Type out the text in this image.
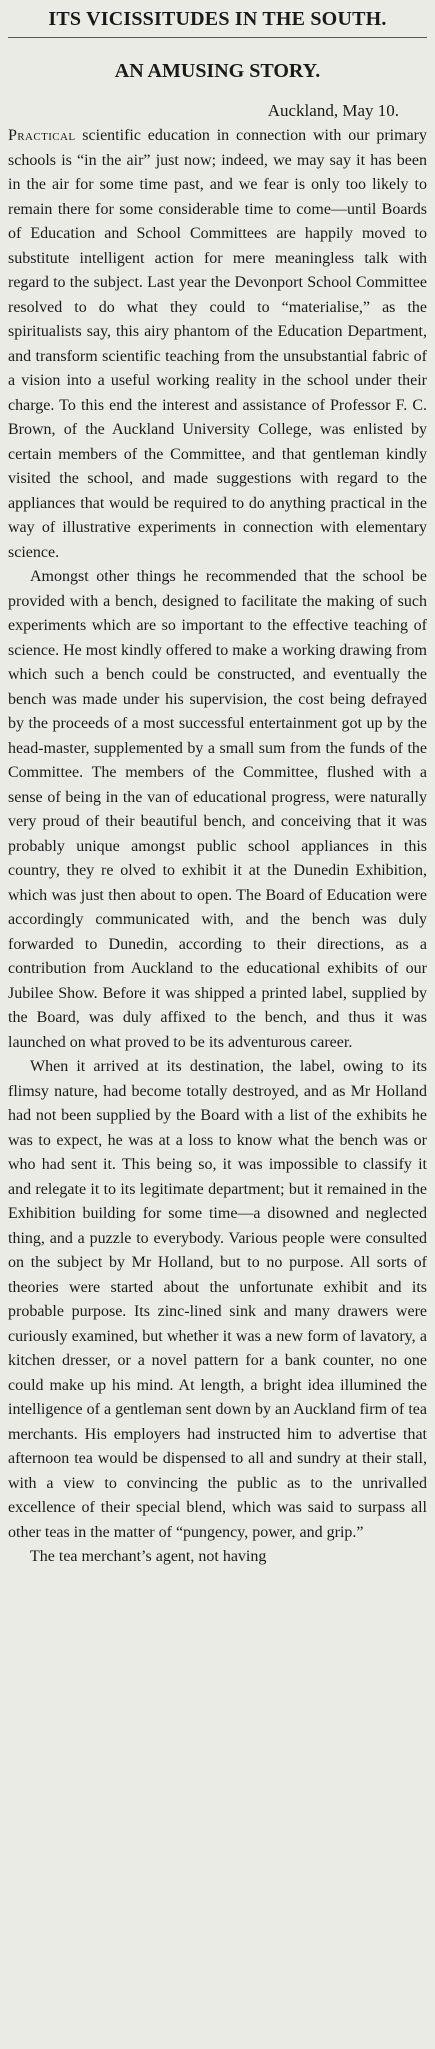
ITS VICISSITUDES IN THE SOUTH.
AN AMUSING STORY.
Auckland, May 10.

Practical scientific education in connection with our primary schools is “in the air” just now; indeed, we may say it has been in the air for some time past, and we fear is only too likely to remain there for some considerable time to come—until Boards of Education and School Committees are happily moved to substitute intelligent action for mere meaningless talk with regard to the subject. Last year the Devonport School Committee resolved to do what they could to “materialise,” as the spiritualists say, this airy phantom of the Education Department, and transform scientific teaching from the unsubstantial fabric of a vision into a useful working reality in the school under their charge. To this end the interest and assistance of Professor F. C. Brown, of the Auckland University College, was enlisted by certain members of the Committee, and that gentleman kindly visited the school, and made suggestions with regard to the appliances that would be required to do anything practical in the way of illustrative experiments in connection with elementary science.

Amongst other things he recommended that the school be provided with a bench, designed to facilitate the making of such experiments which are so important to the effective teaching of science. He most kindly offered to make a working drawing from which such a bench could be constructed, and eventually the bench was made under his supervision, the cost being defrayed by the proceeds of a most successful entertainment got up by the head-master, supplemented by a small sum from the funds of the Committee. The members of the Committee, flushed with a sense of being in the van of educational progress, were naturally very proud of their beautiful bench, and conceiving that it was probably unique amongst public school appliances in this country, they re olved to exhibit it at the Dunedin Exhibition, which was just then about to open. The Board of Education were accordingly communicated with, and the bench was duly forwarded to Dunedin, according to their directions, as a contribution from Auckland to the educational exhibits of our Jubilee Show. Before it was shipped a printed label, supplied by the Board, was duly affixed to the bench, and thus it was launched on what proved to be its adventurous career.

When it arrived at its destination, the label, owing to its flimsy nature, had become totally destroyed, and as Mr Holland had not been supplied by the Board with a list of the exhibits he was to expect, he was at a loss to know what the bench was or who had sent it. This being so, it was impossible to classify it and relegate it to its legitimate department; but it remained in the Exhibition building for some time—a disowned and neglected thing, and a puzzle to everybody. Various people were consulted on the subject by Mr Holland, but to no purpose. All sorts of theories were started about the unfortunate exhibit and its probable purpose. Its zinc-lined sink and many drawers were curiously examined, but whether it was a new form of lavatory, a kitchen dresser, or a novel pattern for a bank counter, no one could make up his mind. At length, a bright idea illumined the intelligence of a gentleman sent down by an Auckland firm of tea merchants. His employers had instructed him to advertise that afternoon tea would be dispensed to all and sundry at their stall, with a view to convincing the public as to the unrivalled excellence of their special blend, which was said to surpass all other teas in the matter of “pungency, power, and grip.”

The tea merchant’s agent, not having
